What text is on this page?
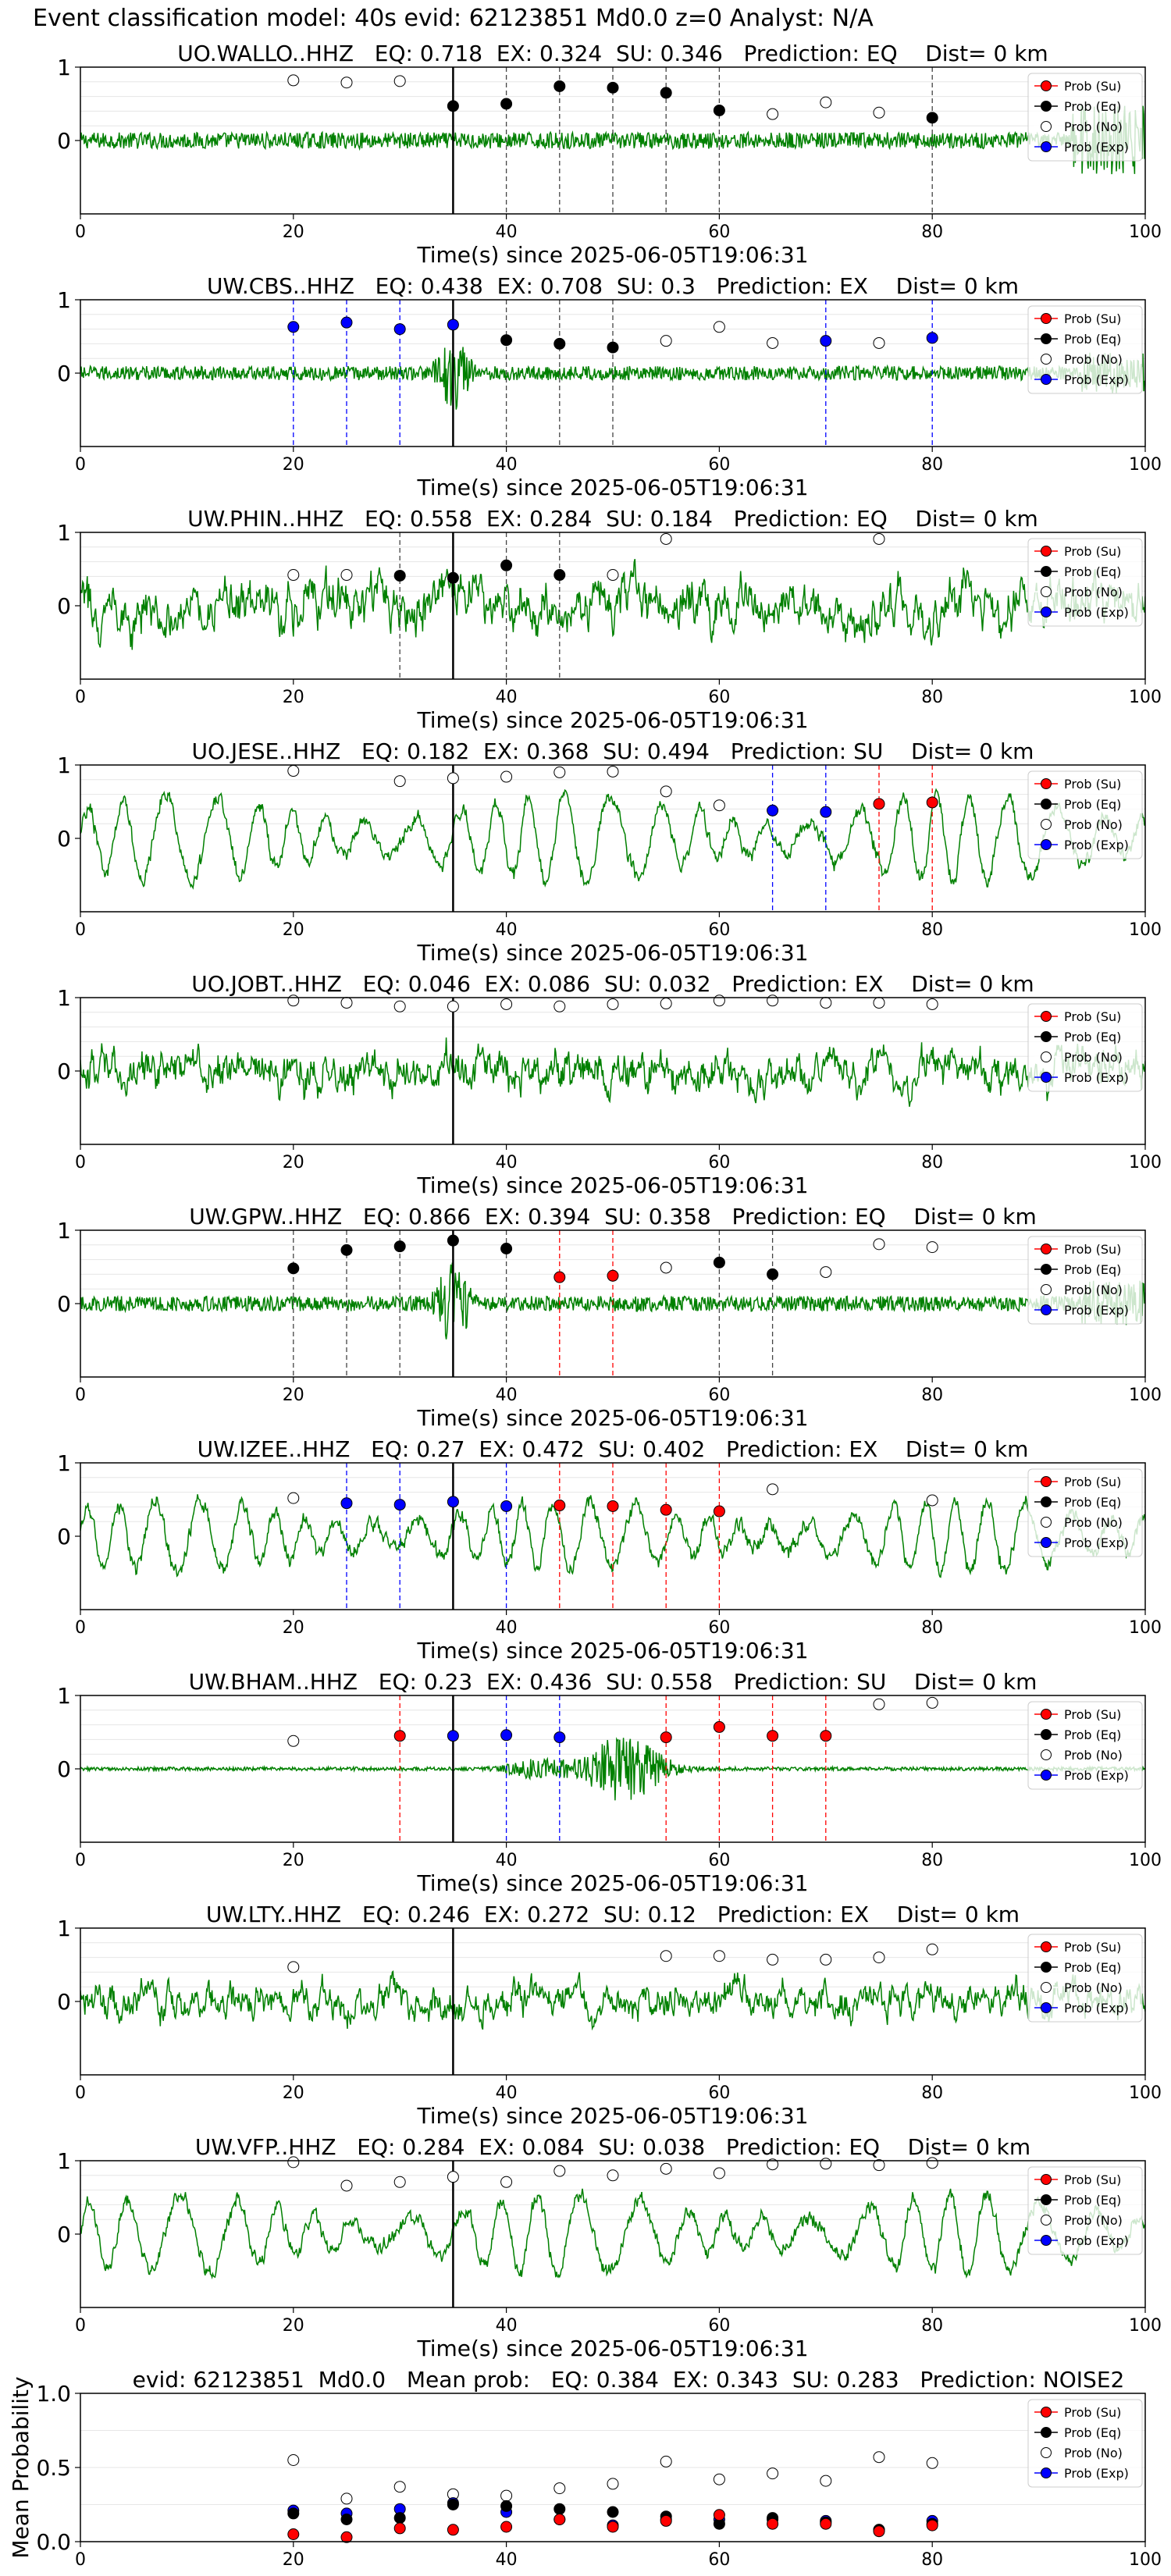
Event classification model: 40s evid: 62123851 Md0.0 z=0 Analyst: N/A
0	20	40	60	80	100
0
1
UO.WALLO..HHZ   EQ: 0.718  EX: 0.324  SU: 0.346   Prediction: EQ    Dist= 0 km
Time(s) since 2025-06-05T19:06:31
Prob (Su)
Prob (Eq)
Prob (No)
Prob (Exp)
0	20	40	60	80	100
0
1
UW.CBS..HHZ   EQ: 0.438  EX: 0.708  SU: 0.3   Prediction: EX    Dist= 0 km
Time(s) since 2025-06-05T19:06:31
Prob (Su)
Prob (Eq)
Prob (No)
Prob (Exp)
0	20	40	60	80	100
0
1
UW.PHIN..HHZ   EQ: 0.558  EX: 0.284  SU: 0.184   Prediction: EQ    Dist= 0 km
Time(s) since 2025-06-05T19:06:31
Prob (Su)
Prob (Eq)
Prob (No)
Prob (Exp)
0	20	40	60	80	100
0
1
UO.JESE..HHZ   EQ: 0.182  EX: 0.368  SU: 0.494   Prediction: SU    Dist= 0 km
Time(s) since 2025-06-05T19:06:31
Prob (Su)
Prob (Eq)
Prob (No)
Prob (Exp)
0	20	40	60	80	100
0
1
UO.JOBT..HHZ   EQ: 0.046  EX: 0.086  SU: 0.032   Prediction: EX    Dist= 0 km
Time(s) since 2025-06-05T19:06:31
Prob (Su)
Prob (Eq)
Prob (No)
Prob (Exp)
0	20	40	60	80	100
0
1
UW.GPW..HHZ   EQ: 0.866  EX: 0.394  SU: 0.358   Prediction: EQ    Dist= 0 km
Time(s) since 2025-06-05T19:06:31
Prob (Su)
Prob (Eq)
Prob (No)
Prob (Exp)
0	20	40	60	80	100
0
1
UW.IZEE..HHZ   EQ: 0.27  EX: 0.472  SU: 0.402   Prediction: EX    Dist= 0 km
Time(s) since 2025-06-05T19:06:31
Prob (Su)
Prob (Eq)
Prob (No)
Prob (Exp)
0	20	40	60	80	100
0
1
UW.BHAM..HHZ   EQ: 0.23  EX: 0.436  SU: 0.558   Prediction: SU    Dist= 0 km
Time(s) since 2025-06-05T19:06:31
Prob (Su)
Prob (Eq)
Prob (No)
Prob (Exp)
0	20	40	60	80	100
0
1
UW.LTY..HHZ   EQ: 0.246  EX: 0.272  SU: 0.12   Prediction: EX    Dist= 0 km
Time(s) since 2025-06-05T19:06:31
Prob (Su)
Prob (Eq)
Prob (No)
Prob (Exp)
0	20	40	60	80	100
0
1
UW.VFP..HHZ   EQ: 0.284  EX: 0.084  SU: 0.038   Prediction: EQ    Dist= 0 km
Time(s) since 2025-06-05T19:06:31
Prob (Su)
Prob (Eq)
Prob (No)
Prob (Exp)
0	20	40	60	80	100
0.0
0.5
1.0
evid: 62123851  Md0.0   Mean prob:   EQ: 0.384  EX: 0.343  SU: 0.283   Prediction: NOISE2
Mean Probability	Prob (Su)
Prob (Eq)
Prob (No)
Prob (Exp)
